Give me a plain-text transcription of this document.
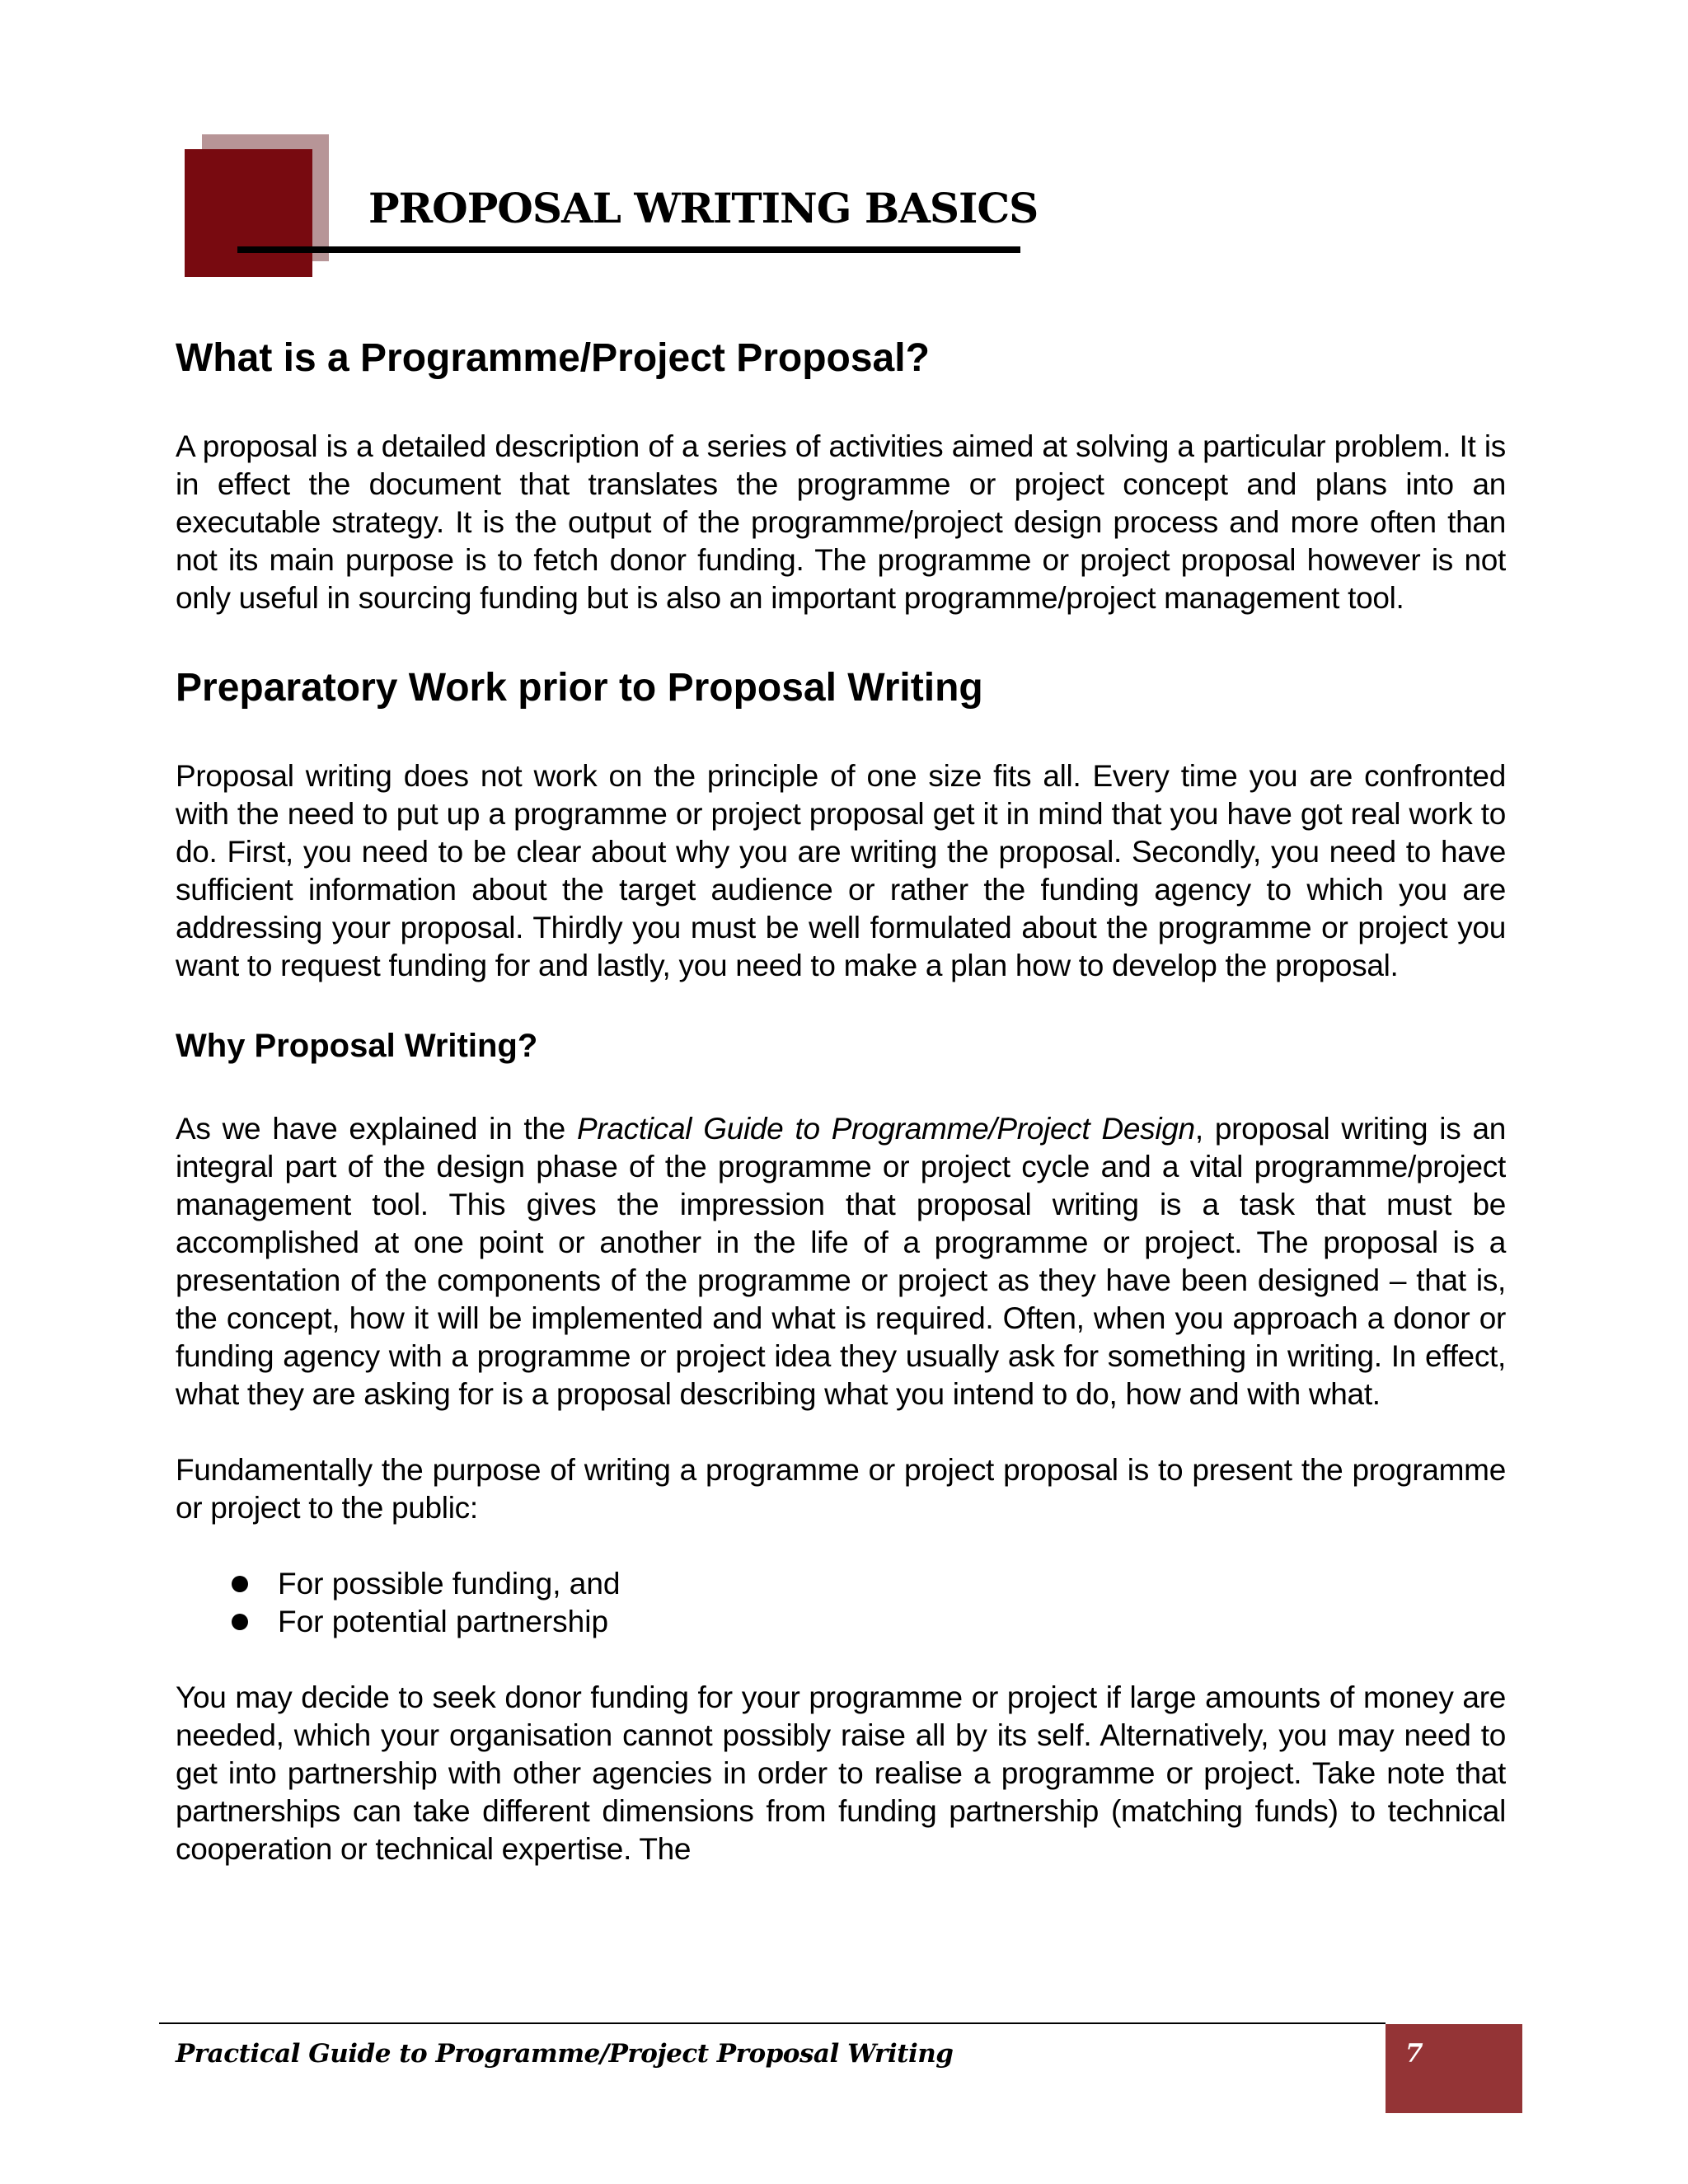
PROPOSAL WRITING BASICS
What is a Programme/Project Proposal?

A proposal is a detailed description of a series of activities aimed at solving a particular problem. It is in effect the document that translates the programme or project concept and plans into an executable strategy. It is the output of the programme/project design process and more often than not its main purpose is to fetch donor funding. The programme or project proposal however is not only useful in sourcing funding but is also an important programme/project management tool.

Preparatory Work prior to Proposal Writing

Proposal writing does not work on the principle of one size fits all. Every time you are confronted with the need to put up a programme or project proposal get it in mind that you have got real work to do. First, you need to be clear about why you are writing the proposal. Secondly, you need to have sufficient information about the target audience or rather the funding agency to which you are addressing your proposal. Thirdly you must be well formulated about the programme or project you want to request funding for and lastly, you need to make a plan how to develop the proposal.

Why Proposal Writing?

As we have explained in the Practical Guide to Programme/Project Design, proposal writing is an integral part of the design phase of the programme or project cycle and a vital programme/project management tool. This gives the impression that proposal writing is a task that must be accomplished at one point or another in the life of a programme or project. The proposal is a presentation of the components of the programme or project as they have been designed – that is, the concept, how it will be implemented and what is required. Often, when you approach a donor or funding agency with a programme or project idea they usually ask for something in writing. In effect, what they are asking for is a proposal describing what you intend to do, how and with what.

Fundamentally the purpose of writing a programme or project proposal is to present the programme or project to the public:

For possible funding, and
For potential partnership

You may decide to seek donor funding for your programme or project if large amounts of money are needed, which your organisation cannot possibly raise all by its self. Alternatively, you may need to get into partnership with other agencies in order to realise a programme or project. Take note that partnerships can take different dimensions from funding partnership (matching funds) to technical cooperation or technical expertise. The

Practical Guide to Programme/Project Proposal Writing	7
